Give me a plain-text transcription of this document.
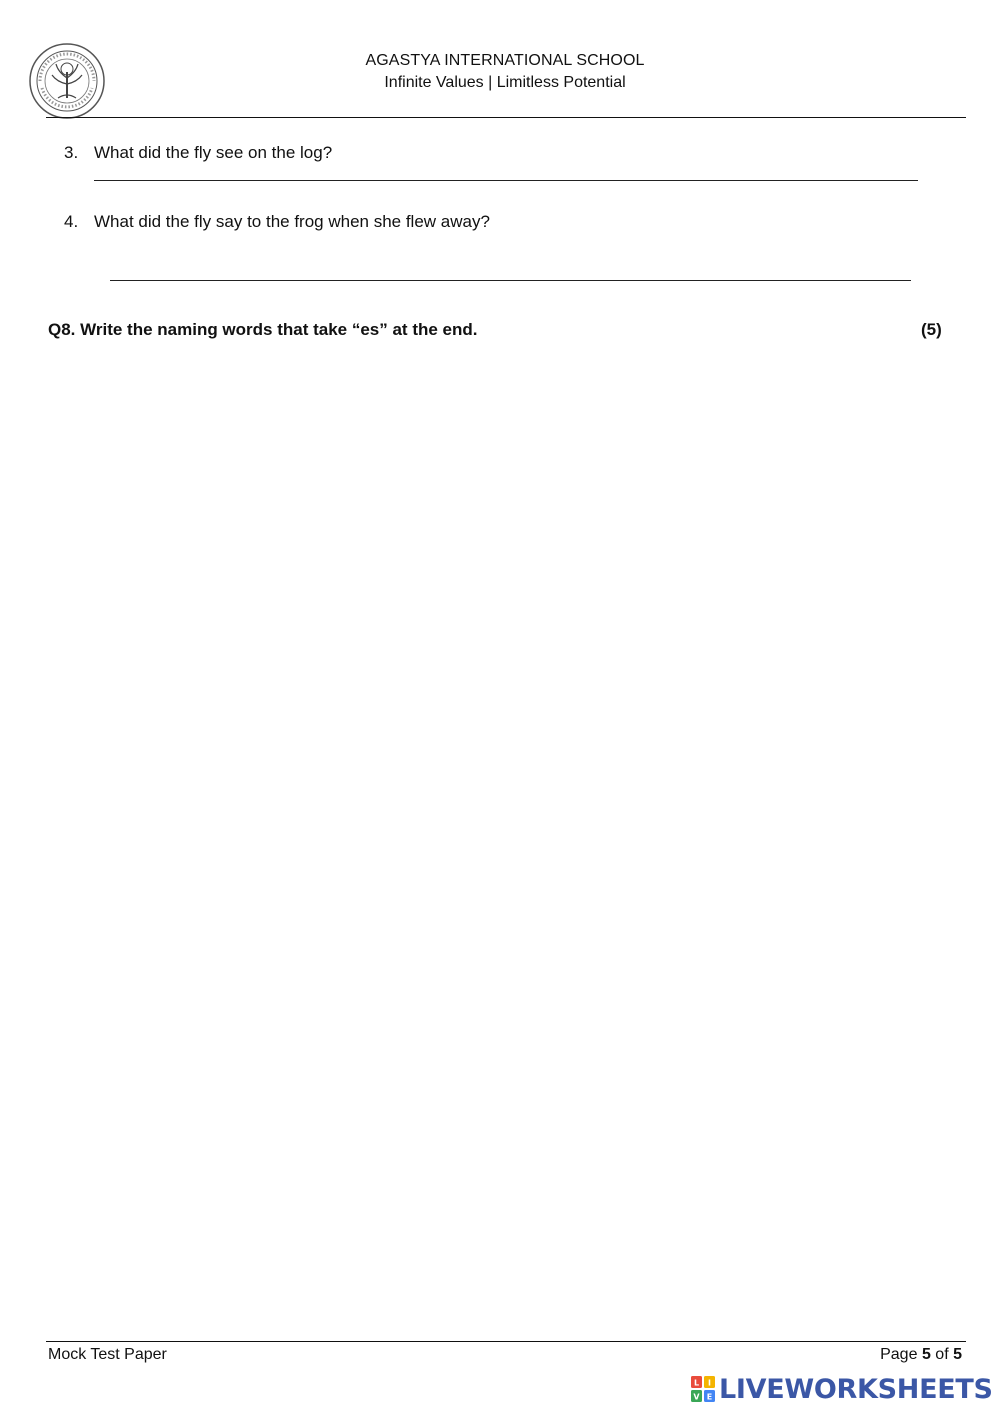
AGASTYA INTERNATIONAL SCHOOL
Infinite Values | Limitless Potential
3. What did the fly see on the log?
4. What did the fly say to the frog when she flew away?
Q8. Write the naming words that take “es” at the end.	(5)
Mock Test Paper	Page 5 of 5
L I
V E LIVEWORKSHEETS
